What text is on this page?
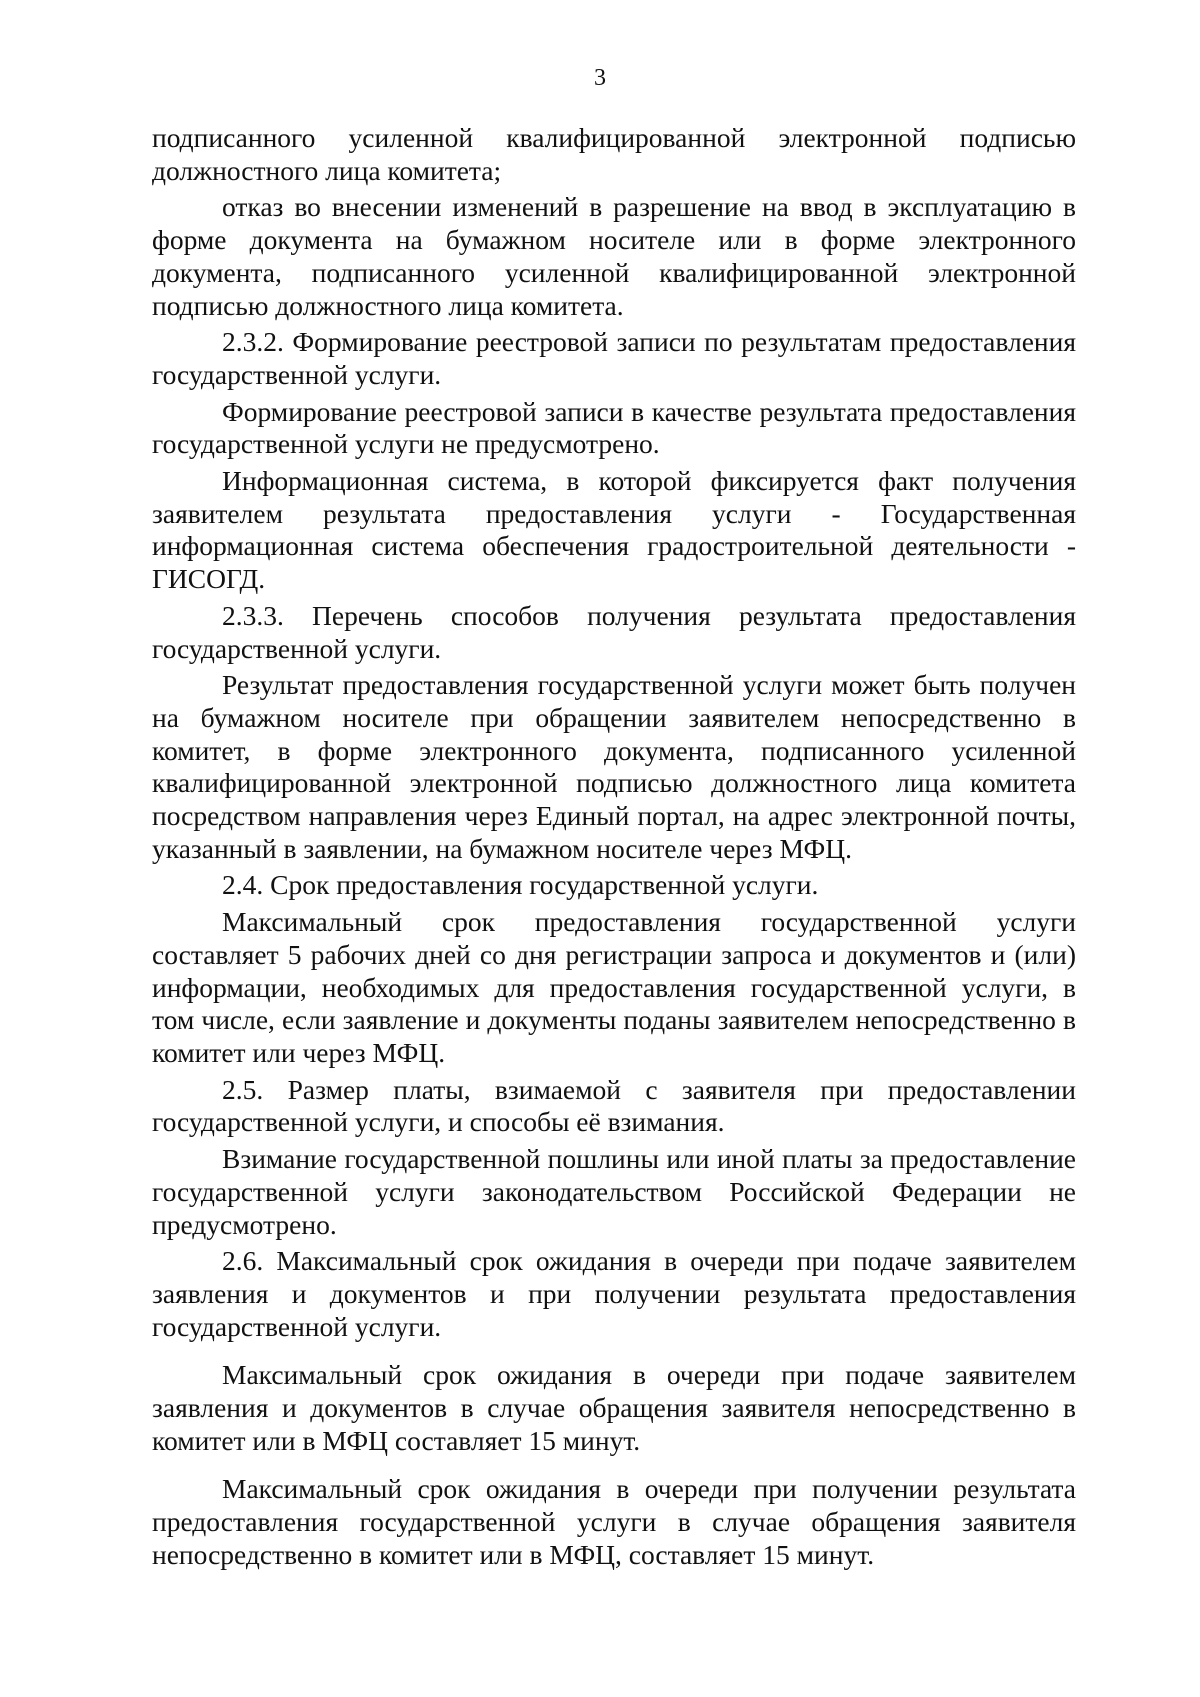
3

подписанного усиленной квалифицированной электронной подписью должностного лица комитета;

отказ во внесении изменений в разрешение на ввод в эксплуатацию в форме документа на бумажном носителе или в форме электронного документа, подписанного усиленной квалифицированной электронной подписью должностного лица комитета.

2.3.2. Формирование реестровой записи по результатам предоставления государственной услуги.

Формирование реестровой записи в качестве результата предоставления государственной услуги не предусмотрено.

Информационная система, в которой фиксируется факт получения заявителем результата предоставления услуги - Государственная информационная система обеспечения градостроительной деятельности - ГИСОГД.

2.3.3. Перечень способов получения результата предоставления государственной услуги.

Результат предоставления государственной услуги может быть получен на бумажном носителе при обращении заявителем непосредственно в комитет, в форме электронного документа, подписанного усиленной квалифицированной электронной подписью должностного лица комитета посредством направления через Единый портал, на адрес электронной почты, указанный в заявлении, на бумажном носителе через МФЦ.

2.4. Срок предоставления государственной услуги.

Максимальный срок предоставления государственной услуги составляет 5 рабочих дней со дня регистрации запроса и документов и (или) информации, необходимых для предоставления государственной услуги, в том числе, если заявление и документы поданы заявителем непосредственно в комитет или через МФЦ.

2.5. Размер платы, взимаемой с заявителя при предоставлении государственной услуги, и способы её взимания.

Взимание государственной пошлины или иной платы за предоставление государственной услуги законодательством Российской Федерации не предусмотрено.

2.6. Максимальный срок ожидания в очереди при подаче заявителем заявления и документов и при получении результата предоставления государственной услуги.

Максимальный срок ожидания в очереди при подаче заявителем заявления и документов в случае обращения заявителя непосредственно в комитет или в МФЦ составляет 15 минут.

Максимальный срок ожидания в очереди при получении результата предоставления государственной услуги в случае обращения заявителя непосредственно в комитет или в МФЦ, составляет 15 минут.
